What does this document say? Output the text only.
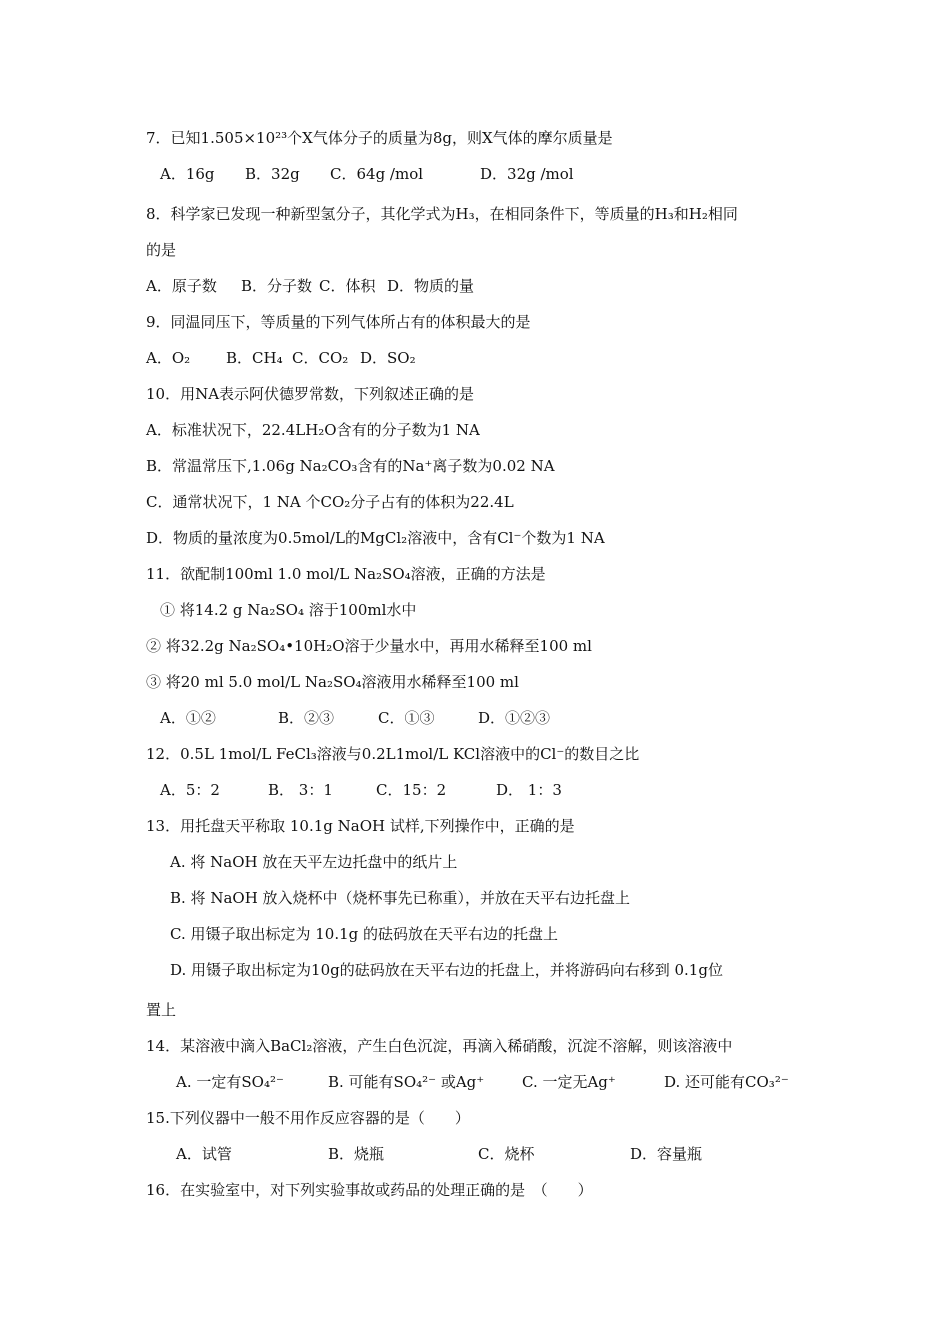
7．已知1.505×10²³个X气体分子的质量为8g，则X气体的摩尔质量是
A．16g B．32g C．64g /mol	D．32g /mol
8．科学家已发现一种新型氢分子，其化学式为H₃，在相同条件下，等质量的H₃和H₂相同
的是
A．原子数 B．分子数 C．体积 D．物质的量
9．同温同压下，等质量的下列气体所占有的体积最大的是
A．O₂ B．CH₄ C．CO₂ D．SO₂
10．用NA表示阿伏德罗常数，下列叙述正确的是
A．标准状况下，22.4LH₂O含有的分子数为1 NA
B．常温常压下,1.06g Na₂CO₃含有的Na⁺离子数为0.02 NA
C．通常状况下，1 NA 个CO₂分子占有的体积为22.4L
D．物质的量浓度为0.5mol/L的MgCl₂溶液中，含有Cl⁻个数为1 NA
11．欲配制100ml 1.0 mol/L Na₂SO₄溶液，正确的方法是
① 将14.2 g Na₂SO₄ 溶于100ml水中
② 将32.2g Na₂SO₄•10H₂O溶于少量水中，再用水稀释至100 ml
③ 将20 ml 5.0 mol/L Na₂SO₄溶液用水稀释至100 ml
A．①②	B．②③	C．①③	D．①②③
12．0.5L 1mol/L FeCl₃溶液与0.2L1mol/L KCl溶液中的Cl⁻的数目之比
A．5：2	B． 3：1	C．15：2	D． 1：3
13．用托盘天平称取 10.1g NaOH 试样,下列操作中，正确的是
A. 将 NaOH 放在天平左边托盘中的纸片上
B. 将 NaOH 放入烧杯中（烧杯事先已称重），并放在天平右边托盘上
C. 用镊子取出标定为 10.1g 的砝码放在天平右边的托盘上
D. 用镊子取出标定为10g的砝码放在天平右边的托盘上，并将游码向右移到 0.1g位
置上
14．某溶液中滴入BaCl₂溶液，产生白色沉淀，再滴入稀硝酸，沉淀不溶解，则该溶液中
A. 一定有SO₄²⁻	B. 可能有SO₄²⁻ 或Ag⁺	C. 一定无Ag⁺	D. 还可能有CO₃²⁻
15.下列仪器中一般不用作反应容器的是（　　）
A．试管	B．烧瓶	C．烧杯	D．容量瓶
16．在实验室中，对下列实验事故或药品的处理正确的是　（　　）
